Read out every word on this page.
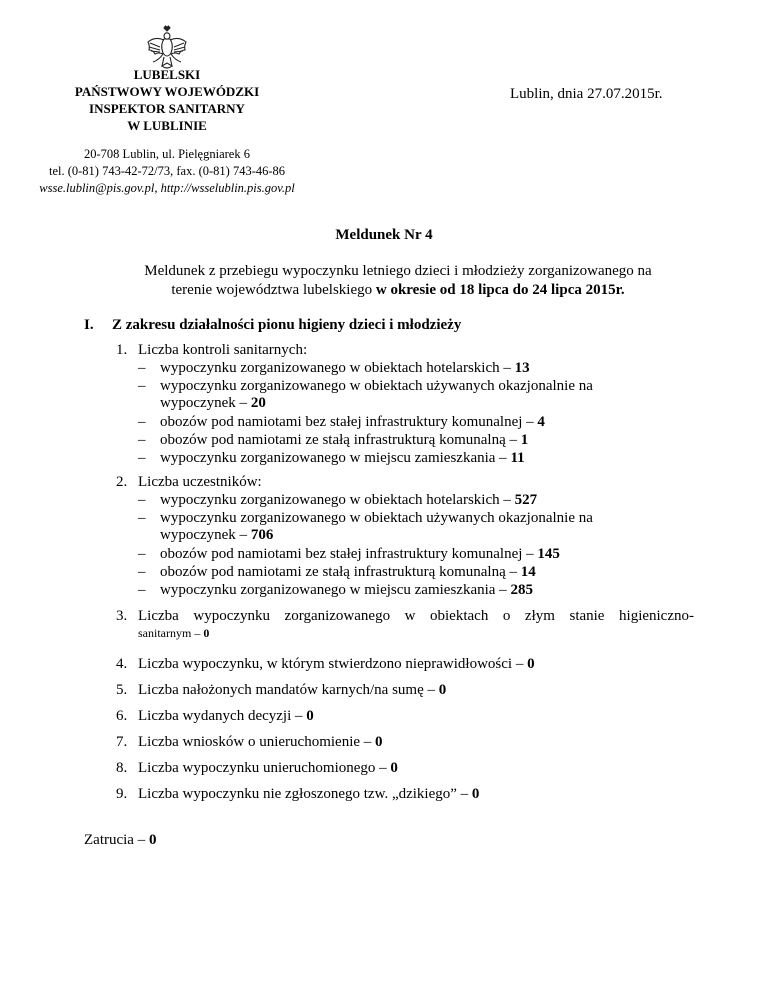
LUBELSKI
PAŃSTWOWY WOJEWÓDZKI
INSPEKTOR SANITARNY
W LUBLINIE
Lublin, dnia 27.07.2015r.
20-708 Lublin, ul. Pielęgniarek 6
tel. (0-81) 743-42-72/73, fax. (0-81) 743-46-86
wsse.lublin@pis.gov.pl, http://wsselublin.pis.gov.pl
Meldunek Nr 4
Meldunek z przebiegu wypoczynku letniego dzieci i młodzieży zorganizowanego na
terenie województwa lubelskiego w okresie od 18 lipca do 24 lipca 2015r.
I. Z zakresu działalności pionu higieny dzieci i młodzieży
1. Liczba kontroli sanitarnych:
– wypoczynku zorganizowanego w obiektach hotelarskich – 13
– wypoczynku zorganizowanego w obiektach używanych okazjonalnie na
wypoczynek – 20
– obozów pod namiotami bez stałej infrastruktury komunalnej – 4
– obozów pod namiotami ze stałą infrastrukturą komunalną – 1
– wypoczynku zorganizowanego w miejscu zamieszkania – 11
2. Liczba uczestników:
– wypoczynku zorganizowanego w obiektach hotelarskich – 527
– wypoczynku zorganizowanego w obiektach używanych okazjonalnie na
wypoczynek – 706
– obozów pod namiotami bez stałej infrastruktury komunalnej – 145
– obozów pod namiotami ze stałą infrastrukturą komunalną – 14
– wypoczynku zorganizowanego w miejscu zamieszkania – 285
3. Liczba wypoczynku zorganizowanego w obiektach o złym stanie higieniczno-
sanitarnym – 0
4. Liczba wypoczynku, w którym stwierdzono nieprawidłowości – 0
5. Liczba nałożonych mandatów karnych/na sumę – 0
6. Liczba wydanych decyzji – 0
7. Liczba wniosków o unieruchomienie – 0
8. Liczba wypoczynku unieruchomionego – 0
9. Liczba wypoczynku nie zgłoszonego tzw. „dzikiego” – 0
Zatrucia – 0
